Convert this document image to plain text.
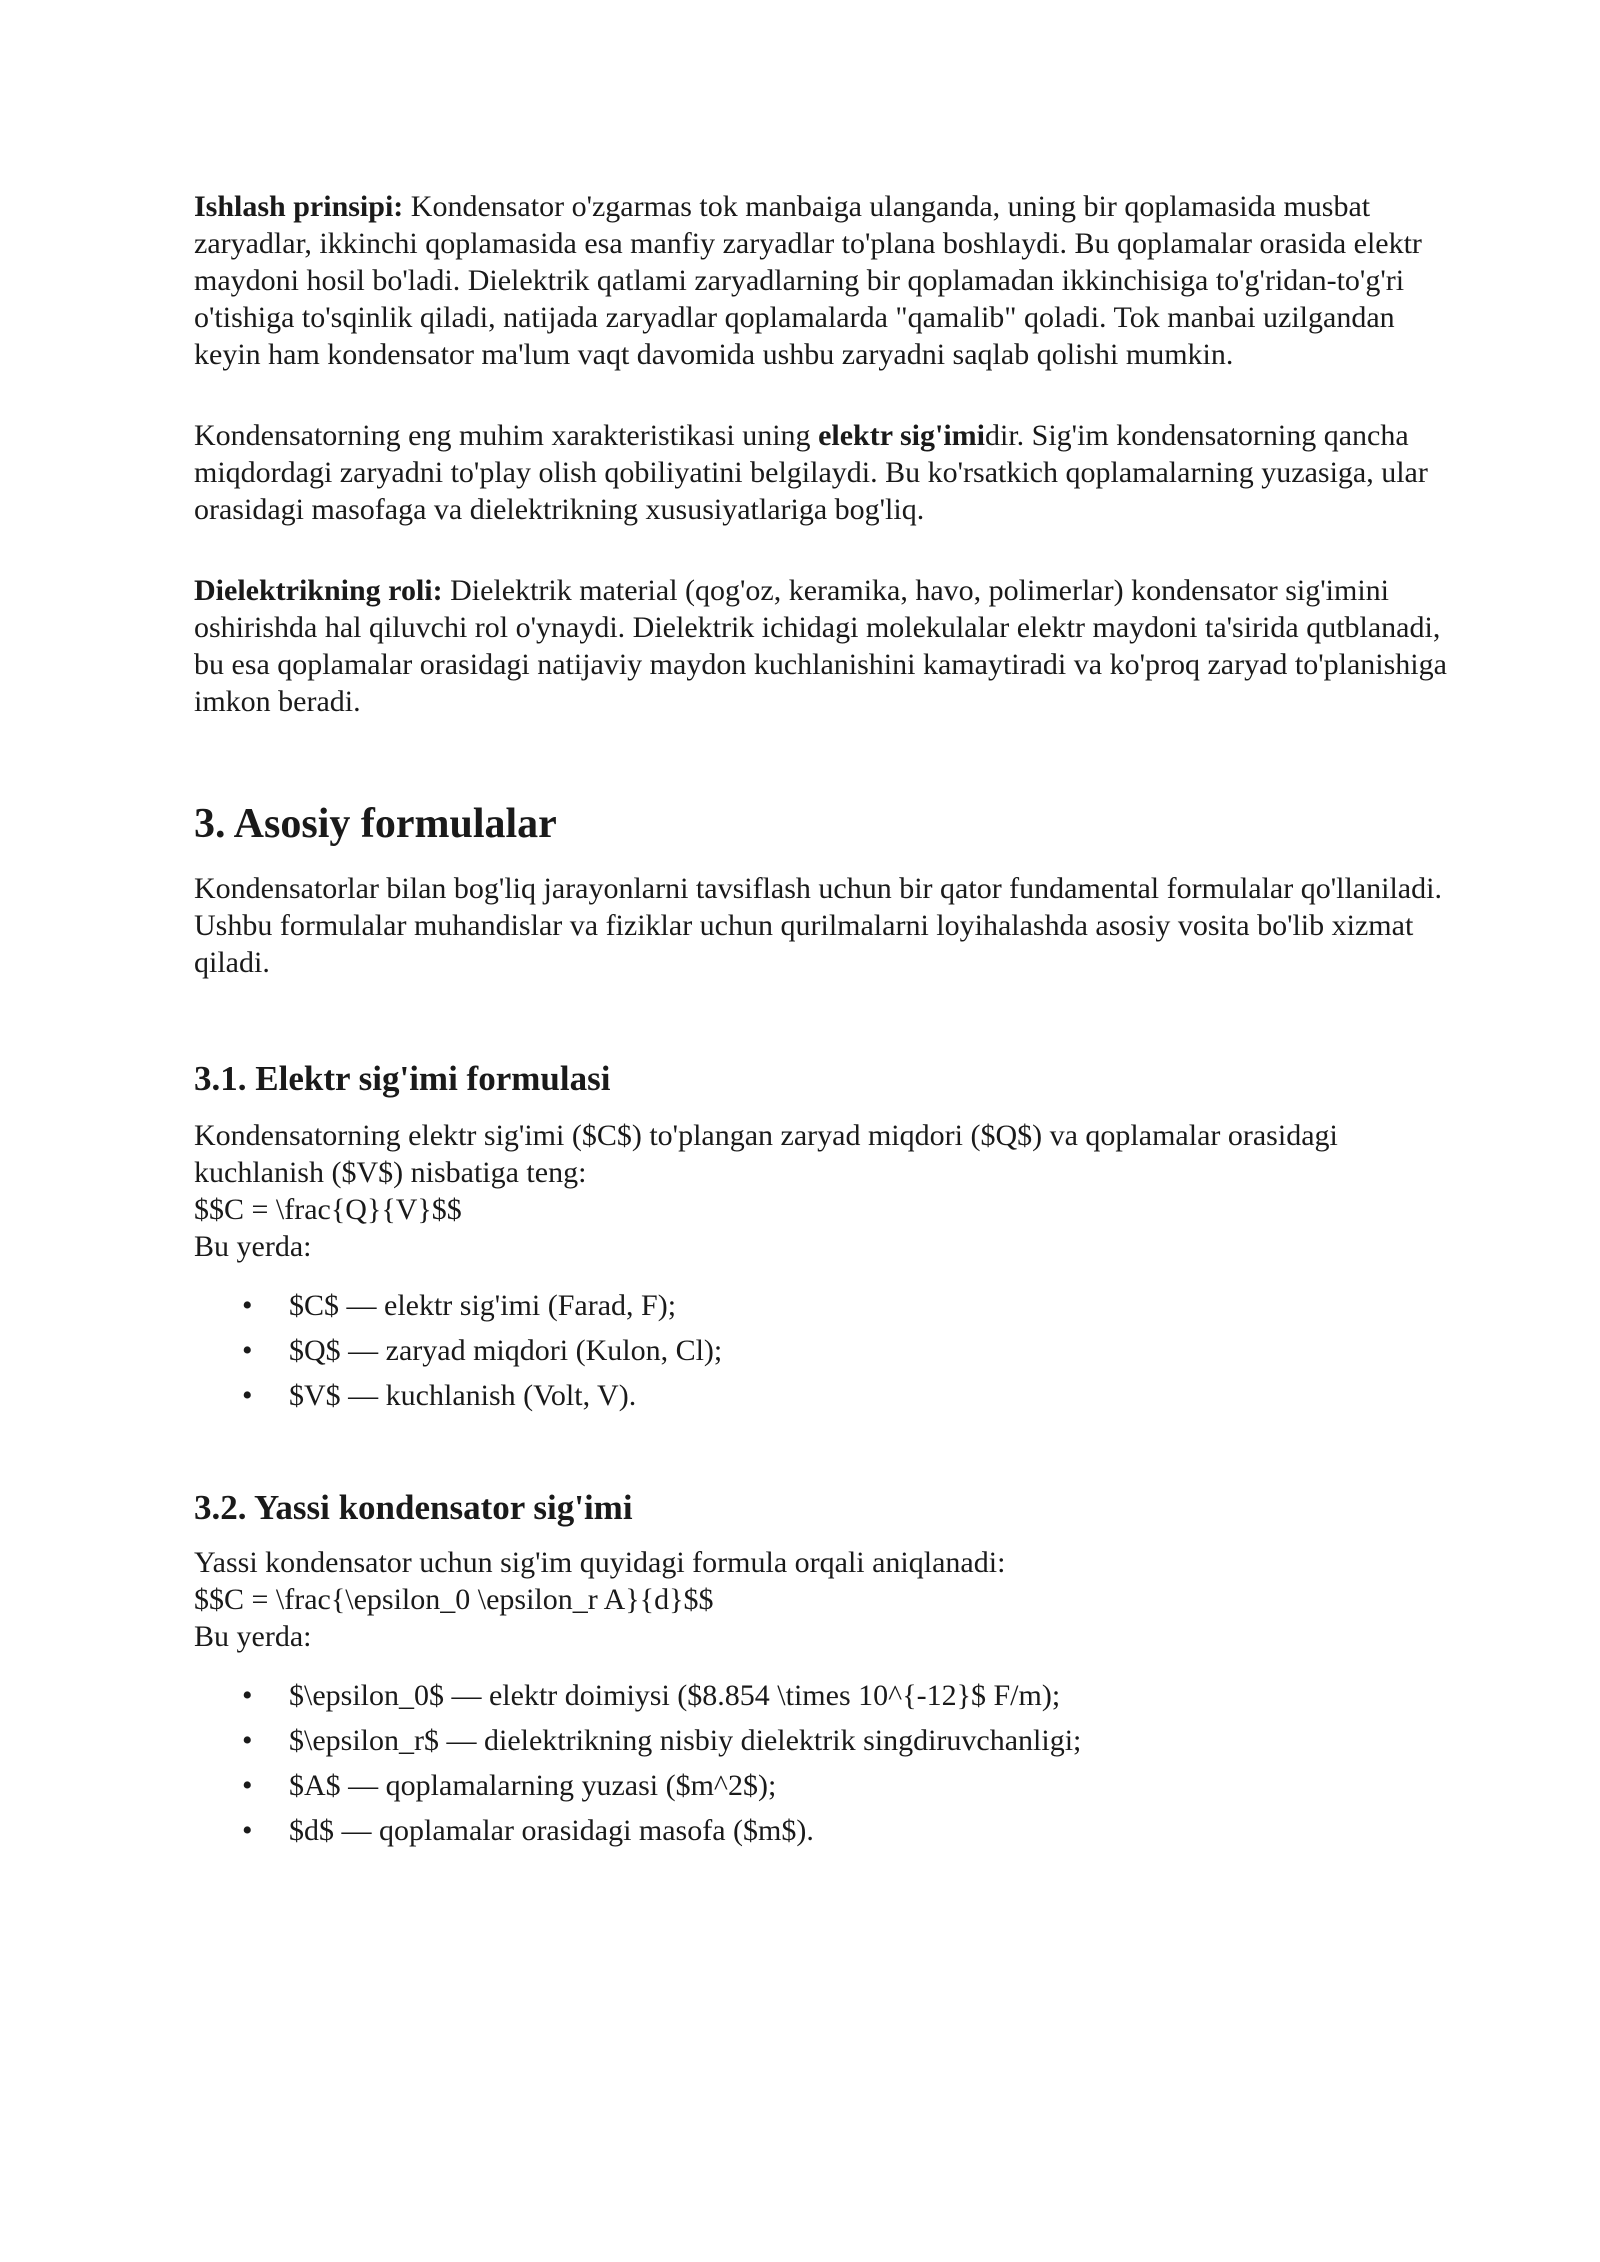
Ishlash prinsipi: Kondensator o'zgarmas tok manbaiga ulanganda, uning bir qoplamasida musbat zaryadlar, ikkinchi qoplamasida esa manfiy zaryadlar to'plana boshlaydi. Bu qoplamalar orasida elektr maydoni hosil bo'ladi. Dielektrik qatlami zaryadlarning bir qoplamadan ikkinchisiga to'g'ridan-to'g'ri o'tishiga to'sqinlik qiladi, natijada zaryadlar qoplamalarda "qamalib" qoladi. Tok manbai uzilgandan keyin ham kondensator ma'lum vaqt davomida ushbu zaryadni saqlab qolishi mumkin.

Kondensatorning eng muhim xarakteristikasi uning elektr sig'imidir. Sig'im kondensatorning qancha miqdordagi zaryadni to'play olish qobiliyatini belgilaydi. Bu ko'rsatkich qoplamalarning yuzasiga, ular orasidagi masofaga va dielektrikning xususiyatlariga bog'liq.

Dielektrikning roli: Dielektrik material (qog'oz, keramika, havo, polimerlar) kondensator sig'imini oshirishda hal qiluvchi rol o'ynaydi. Dielektrik ichidagi molekulalar elektr maydoni ta'sirida qutblanadi, bu esa qoplamalar orasidagi natijaviy maydon kuchlanishini kamaytiradi va ko'proq zaryad to'planishiga imkon beradi.

3. Asosiy formulalar

Kondensatorlar bilan bog'liq jarayonlarni tavsiflash uchun bir qator fundamental formulalar qo'llaniladi. Ushbu formulalar muhandislar va fiziklar uchun qurilmalarni loyihalashda asosiy vosita bo'lib xizmat qiladi.

3.1. Elektr sig'imi formulasi

Kondensatorning elektr sig'imi ($C$) to'plangan zaryad miqdori ($Q$) va qoplamalar orasidagi kuchlanish ($V$) nisbatiga teng:

$$C = \frac{Q}{V}$$

Bu yerda:

• $C$ — elektr sig'imi (Farad, F);
• $Q$ — zaryad miqdori (Kulon, Cl);
• $V$ — kuchlanish (Volt, V).
3.2. Yassi kondensator sig'imi

Yassi kondensator uchun sig'im quyidagi formula orqali aniqlanadi:

$$C = \frac{\epsilon_0 \epsilon_r A}{d}$$

Bu yerda:

• $\epsilon_0$ — elektr doimiysi ($8.854 \times 10^{-12}$ F/m);
• $\epsilon_r$ — dielektrikning nisbiy dielektrik singdiruvchanligi;
• $A$ — qoplamalarning yuzasi ($m^2$);
• $d$ — qoplamalar orasidagi masofa ($m$).
